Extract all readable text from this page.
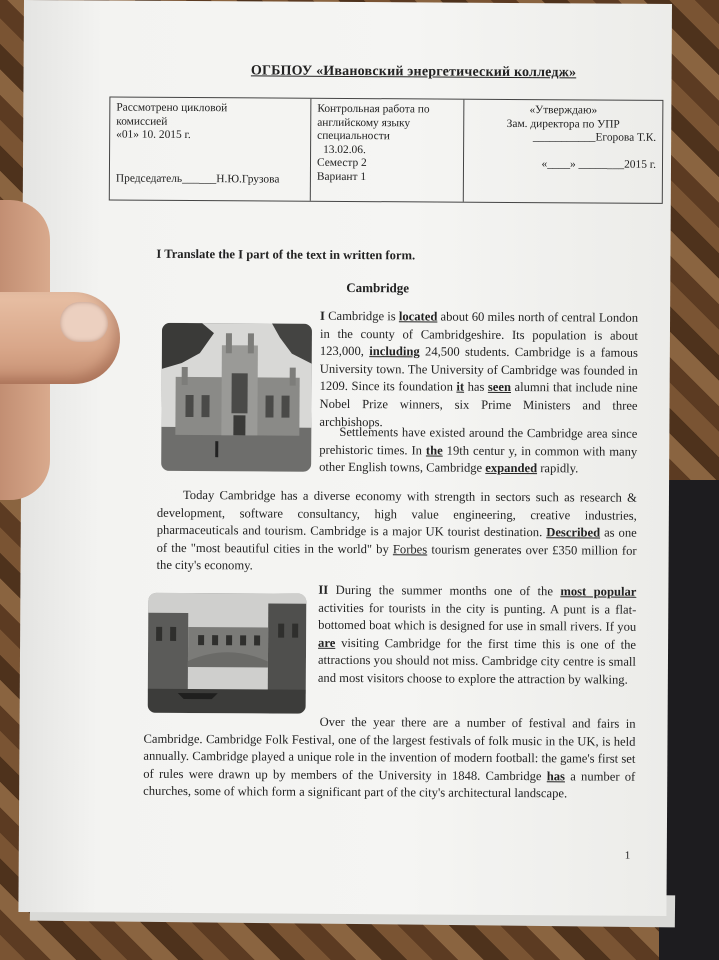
ОГБПОУ «Ивановский энергетический колледж»
Рассмотрено цикловой
комиссией
«01» 10. 2015 г.
Председатель______Н.Ю.Грузова
Контрольная работа по
английскому языку
специальности
13.02.06.
Семестр 2
Вариант 1
«Утверждаю»
Зам. директора по УПР
___________Егорова Т.К.

«____» ________2015 г.
I Translate the I part of the text in written form.
Cambridge
I Cambridge is located about 60 miles north of central London in the county of Cambridgeshire. Its population is about 123,000, including 24,500 students. Cambridge is a famous University town. The University of Cambridge was founded in 1209. Since its foundation it has seen alumni that include nine Nobel Prize winners, six Prime Ministers and three archbishops.
Settlements have existed around the Cambridge area since prehistoric times. In the 19th centur y, in common with many other English towns, Cambridge expanded rapidly.
Today Cambridge has a diverse economy with strength in sectors such as research & development, software consultancy, high value engineering, creative industries, pharmaceuticals and tourism. Cambridge is a major UK tourist destination. Described as one of the "most beautiful cities in the world" by Forbes tourism generates over £350 million for the city's economy.
II During the summer months one of the most popular activities for tourists in the city is punting. A punt is a flat-bottomed boat which is designed for use in small rivers. If you are visiting Cambridge for the first time this is one of the attractions you should not miss. Cambridge city centre is small and most visitors choose to explore the attraction by walking.
Over the year there are a number of festival and fairs in Cambridge. Cambridge Folk Festival, one of the largest festivals of folk music in the UK, is held annually. Cambridge played a unique role in the invention of modern football: the game's first set of rules were drawn up by members of the University in 1848. Cambridge has a number of churches, some of which form a significant part of the city's architectural landscape.
1
